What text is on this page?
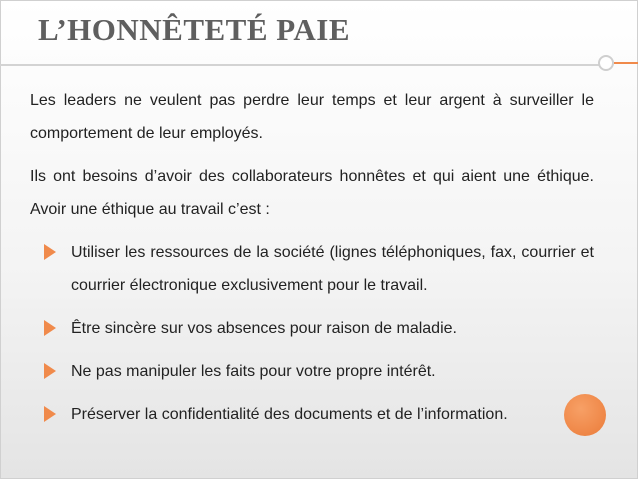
L’HONNÊTETÉ PAIE

Les leaders ne veulent pas perdre leur temps et leur argent à surveiller le comportement de leur employés.

Ils ont besoins d’avoir des collaborateurs honnêtes et qui aient une éthique. Avoir une éthique au travail c’est :

Utiliser les ressources de la société (lignes téléphoniques, fax, courrier et courrier électronique exclusivement pour le travail.
Être sincère sur vos absences pour raison de maladie.
Ne pas manipuler les faits pour votre propre intérêt.
Préserver la confidentialité des documents et de l’information.
